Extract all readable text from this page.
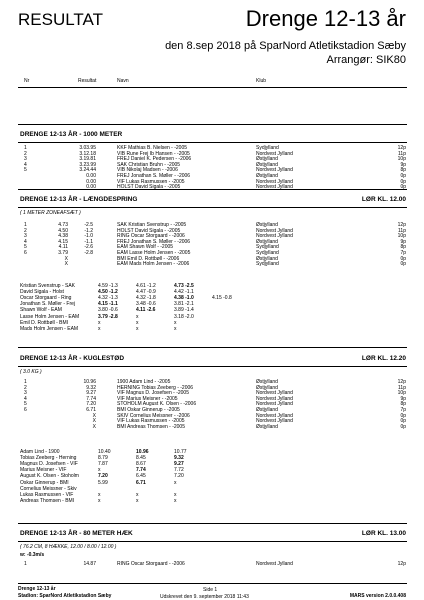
RESULTAT	Drenge 12-13 år
den 8.sep 2018 på SparNord Atletikstadion Sæby
Arrangør: SIK80
Nr	Resultat	Navn	Klub
DRENGE 12-13 ÅR - 1000 METER
1	3.03.95	KKF Mathias B. Nielsen - -2005	Sydjylland	12p
2	3.12.18	VIB Rune Frej Ib Hansen - -2005	Nordvest Jylland	11p
3	3.19.81	FREJ Daniel K. Pedersen - -2006	Østjylland	10p
4	3.23.99	SAK Christian Bruhn - -2005	Østjylland	9p
5	3.24.44	VIB Nikolaj Madsen - -2006	Nordvest Jylland	8p
0.00	FREJ Jonathan S. Møller - -2006	Østjylland	0p
0.00	VIF Lukas Rasmussen - -2005	Nordvest Jylland	0p
0.00	HOLST David Sigalа - -2005	Nordvest Jylland	0p
DRENGE 12-13 ÅR - LÆNGDESPRING	LØR KL. 12.00
( 1 METER ZONEAFSÆT )
1	4.73	-2.5	SAK Kristian Svenstrup - -2005	Østjylland	12p
2	4.50	-1.2	HOLST David Sigalа - -2005	Nordvest Jylland	11p
3	4.38	-1.0	RING Oscar Storgaard - -2006	Nordvest Jylland	10p
4	4.15	-1.1	FREJ Jonathan S. Møller - -2006	Østjylland	9p
5	4.11	-2.6	EAM Shawn Wolf - -2005	Sydjylland	8p
6	3.79	-2.8	EAM Lasse Holm Jensen - -2005	Sydjylland	7p
X	BMI Emil D. Rottbøll - -2006	Østjylland	0p
X	EAM Mads Holm Jensen - -2006	Sydjylland	0p
Kristian Svenstrup - SAK	4.59 -1.3	4.61 -1.2	4.73 -2.5
David Sigalа - Holst	4.50 -1.2	4.47 -0.9	4.42 -1.1
Oscar Storgaard - Ring	4.32 -1.3	4.32 -1.8	4.38 -1.0	4.15 -0.8
Jonathan S. Møller - Frej	4.15 -1.1	3.48 -0.6	3.81 -2.1
Shawn Wolf - EAM	3.80 -0.6	4.11 -2.6	3.89 -1.4
Lasse Holm Jensen - EAM	3.79 -2.8	x	3.18 -2.0
Emil D. Rottbøll - BMI	x	x	x
Mads Holm Jensen - EAM	x	x	x
DRENGE 12-13 ÅR - KUGLESTØD	LØR KL. 12.20
( 3.0 KG )
1	10.96	1900 Adam Lind - -2005	Østjylland	12p
2	9.32	HERNING Tobias Zeeberg - -2006	Østjylland	11p
3	9.27	VIF Magnus D. Josefsen - -2005	Nordvest Jylland	10p
4	7.74	VIF Marius Meisner - -2005	Nordvest Jylland	9p
5	7.20	STOHOLM August K. Olsen - -2006	Nordvest Jylland	8p
6	6.71	BMI Oskar Ginnerup - -2005	Østjylland	7p
X	SKIV Cornelius Meissner - -2006	Nordvest Jylland	0p
X	VIF Lukas Rasmussen - -2005	Nordvest Jylland	0p
X	BMI Andreas Thomsen - -2005	Østjylland	0p
Adam Lind - 1900	10.40	10.96	10.77
Tobias Zeeberg - Herning	8.79	8.45	9.32
Magnus D. Josefsen - VIF	7.87	8.67	9.27
Marius Meisner - VIF	x	7.74	7.72
August K. Olsen - Stoholm	7.20	6.45	7.20
Oskar Ginnerup - BMI	5.99	6.71	x
Cornelius Meissner - Skiv
Lukas Rasmussen - VIF	x	x	x
Andreas Thomsen - BMI	x	x	x
DRENGE 12-13 ÅR - 80 METER HÆK	LØR KL. 13.00
( 76.2 CM, 8 HÆKKE, 12.00 / 8.00 / 12.00 )
w: -0.3m/s
1	14.87	RING Oscar Storgaard - -2006	Nordvest Jylland	12p
Drenge 12-13 år
Stadion: SparNord Atletikstadion Sæby
Side 1
Udskrevet den 9. september 2018 11:43	MARS version 2.0.0.408
